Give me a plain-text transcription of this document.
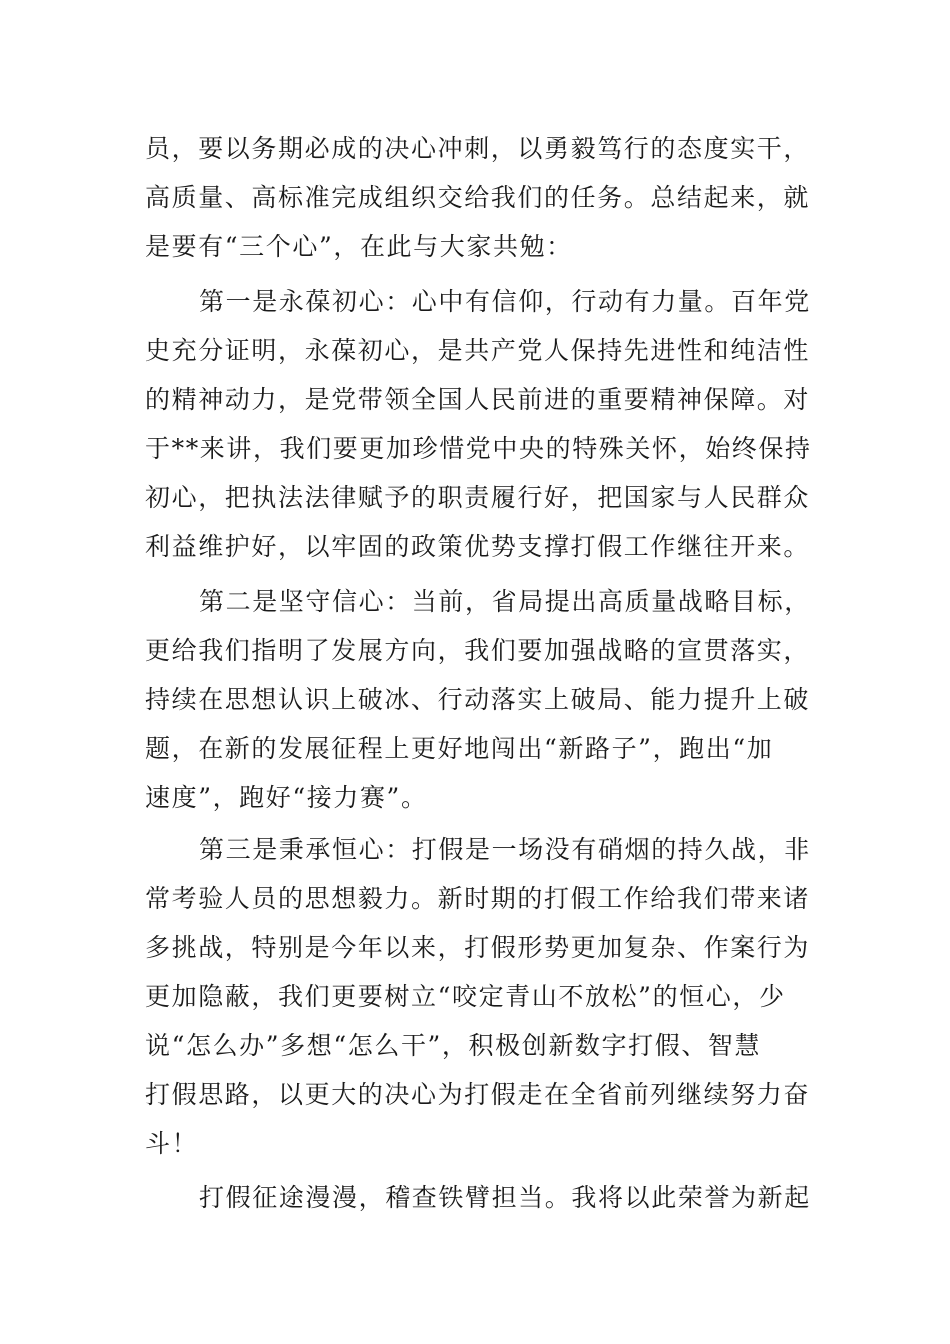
员，要以务期必成的决心冲刺，以勇毅笃行的态度实干，
高质量、高标准完成组织交给我们的任务。总结起来，就
是要有“三个心”，在此与大家共勉：
第一是永葆初心：心中有信仰，行动有力量。百年党
史充分证明，永葆初心，是共产党人保持先进性和纯洁性
的精神动力，是党带领全国人民前进的重要精神保障。对
于**来讲，我们要更加珍惜党中央的特殊关怀，始终保持
初心，把执法法律赋予的职责履行好，把国家与人民群众
利益维护好，以牢固的政策优势支撑打假工作继往开来。
第二是坚守信心：当前，省局提出高质量战略目标，
更给我们指明了发展方向，我们要加强战略的宣贯落实，
持续在思想认识上破冰、行动落实上破局、能力提升上破
题，在新的发展征程上更好地闯出“新路子”，跑出“加
速度”，跑好“接力赛”。
第三是秉承恒心：打假是一场没有硝烟的持久战，非
常考验人员的思想毅力。新时期的打假工作给我们带来诸
多挑战，特别是今年以来，打假形势更加复杂、作案行为
更加隐蔽，我们更要树立“咬定青山不放松”的恒心，少
说“怎么办”多想“怎么干”，积极创新数字打假、智慧
打假思路，以更大的决心为打假走在全省前列继续努力奋
斗！
打假征途漫漫，稽查铁臂担当。我将以此荣誉为新起
